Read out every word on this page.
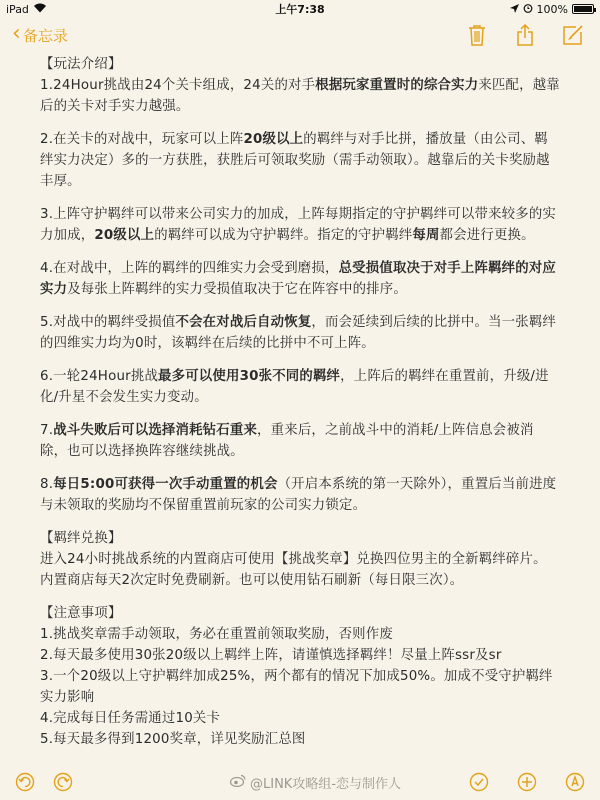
iPad	上午7:38	100%
‹ 备忘录
【玩法介绍】

1.24Hour挑战由24个关卡组成，24关的对手根据玩家重置时的综合实力来匹配，越靠后的关卡对手实力越强。

2.在关卡的对战中，玩家可以上阵20级以上的羁绊与对手比拼，播放量（由公司、羁绊实力决定）多的一方获胜，获胜后可领取奖励（需手动领取）。越靠后的关卡奖励越丰厚。

3.上阵守护羁绊可以带来公司实力的加成，上阵每期指定的守护羁绊可以带来较多的实力加成，20级以上的羁绊可以成为守护羁绊。指定的守护羁绊每周都会进行更换。

4.在对战中，上阵的羁绊的四维实力会受到磨损，总受损值取决于对手上阵羁绊的对应实力及每张上阵羁绊的实力受损值取决于它在阵容中的排序。

5.对战中的羁绊受损值不会在对战后自动恢复，而会延续到后续的比拼中。当一张羁绊的四维实力均为0时，该羁绊在后续的比拼中不可上阵。

6.一轮24Hour挑战最多可以使用30张不同的羁绊，上阵后的羁绊在重置前，升级/进化/升星不会发生实力变动。

7.战斗失败后可以选择消耗钻石重来，重来后，之前战斗中的消耗/上阵信息会被消除，也可以选择换阵容继续挑战。

8.每日5:00可获得一次手动重置的机会（开启本系统的第一天除外），重置后当前进度与未领取的奖励均不保留重置前玩家的公司实力锁定。

【羁绊兑换】

进入24小时挑战系统的内置商店可使用【挑战奖章】兑换四位男主的全新羁绊碎片。

内置商店每天2次定时免费刷新。也可以使用钻石刷新（每日限三次）。

【注意事项】

1.挑战奖章需手动领取，务必在重置前领取奖励，否则作废

2.每天最多使用30张20级以上羁绊上阵，请谨慎选择羁绊！尽量上阵ssr及sr

3.一个20级以上守护羁绊加成25%，两个都有的情况下加成50%。加成不受守护羁绊实力影响

4.完成每日任务需通过10关卡

5.每天最多得到1200奖章，详见奖励汇总图

@LINK攻略组-恋与制作人
